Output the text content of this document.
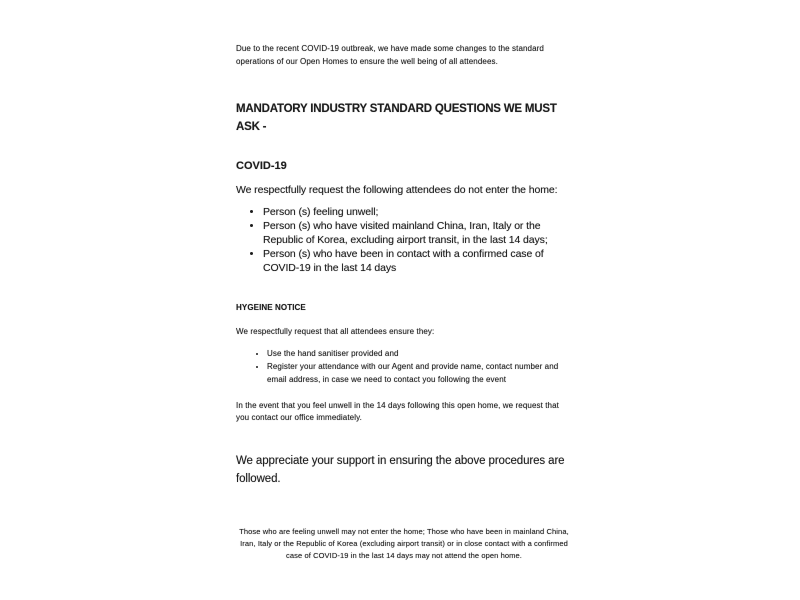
Due to the recent COVID-19 outbreak, we have made some changes to the standard operations of our Open Homes to ensure the well being of all attendees.

MANDATORY INDUSTRY STANDARD QUESTIONS WE MUST ASK -
COVID-19

We respectfully request the following attendees do not enter the home:

• Person (s) feeling unwell;
• Person (s) who have visited mainland China, Iran, Italy or the Republic of Korea, excluding airport transit, in the last 14 days;
• Person (s) who have been in contact with a confirmed case of COVID-19 in the last 14 days
HYGEINE NOTICE

We respectfully request that all attendees ensure they:

• Use the hand sanitiser provided and
• Register your attendance with our Agent and provide name, contact number and email address, in case we need to contact you following the event

In the event that you feel unwell in the 14 days following this open home, we request that you contact our office immediately.

We appreciate your support in ensuring the above procedures are followed.

Those who are feeling unwell may not enter the home; Those who have been in mainland China, Iran, Italy or the Republic of Korea (excluding airport transit) or in close contact with a confirmed case of COVID-19 in the last 14 days may not attend the open home.
